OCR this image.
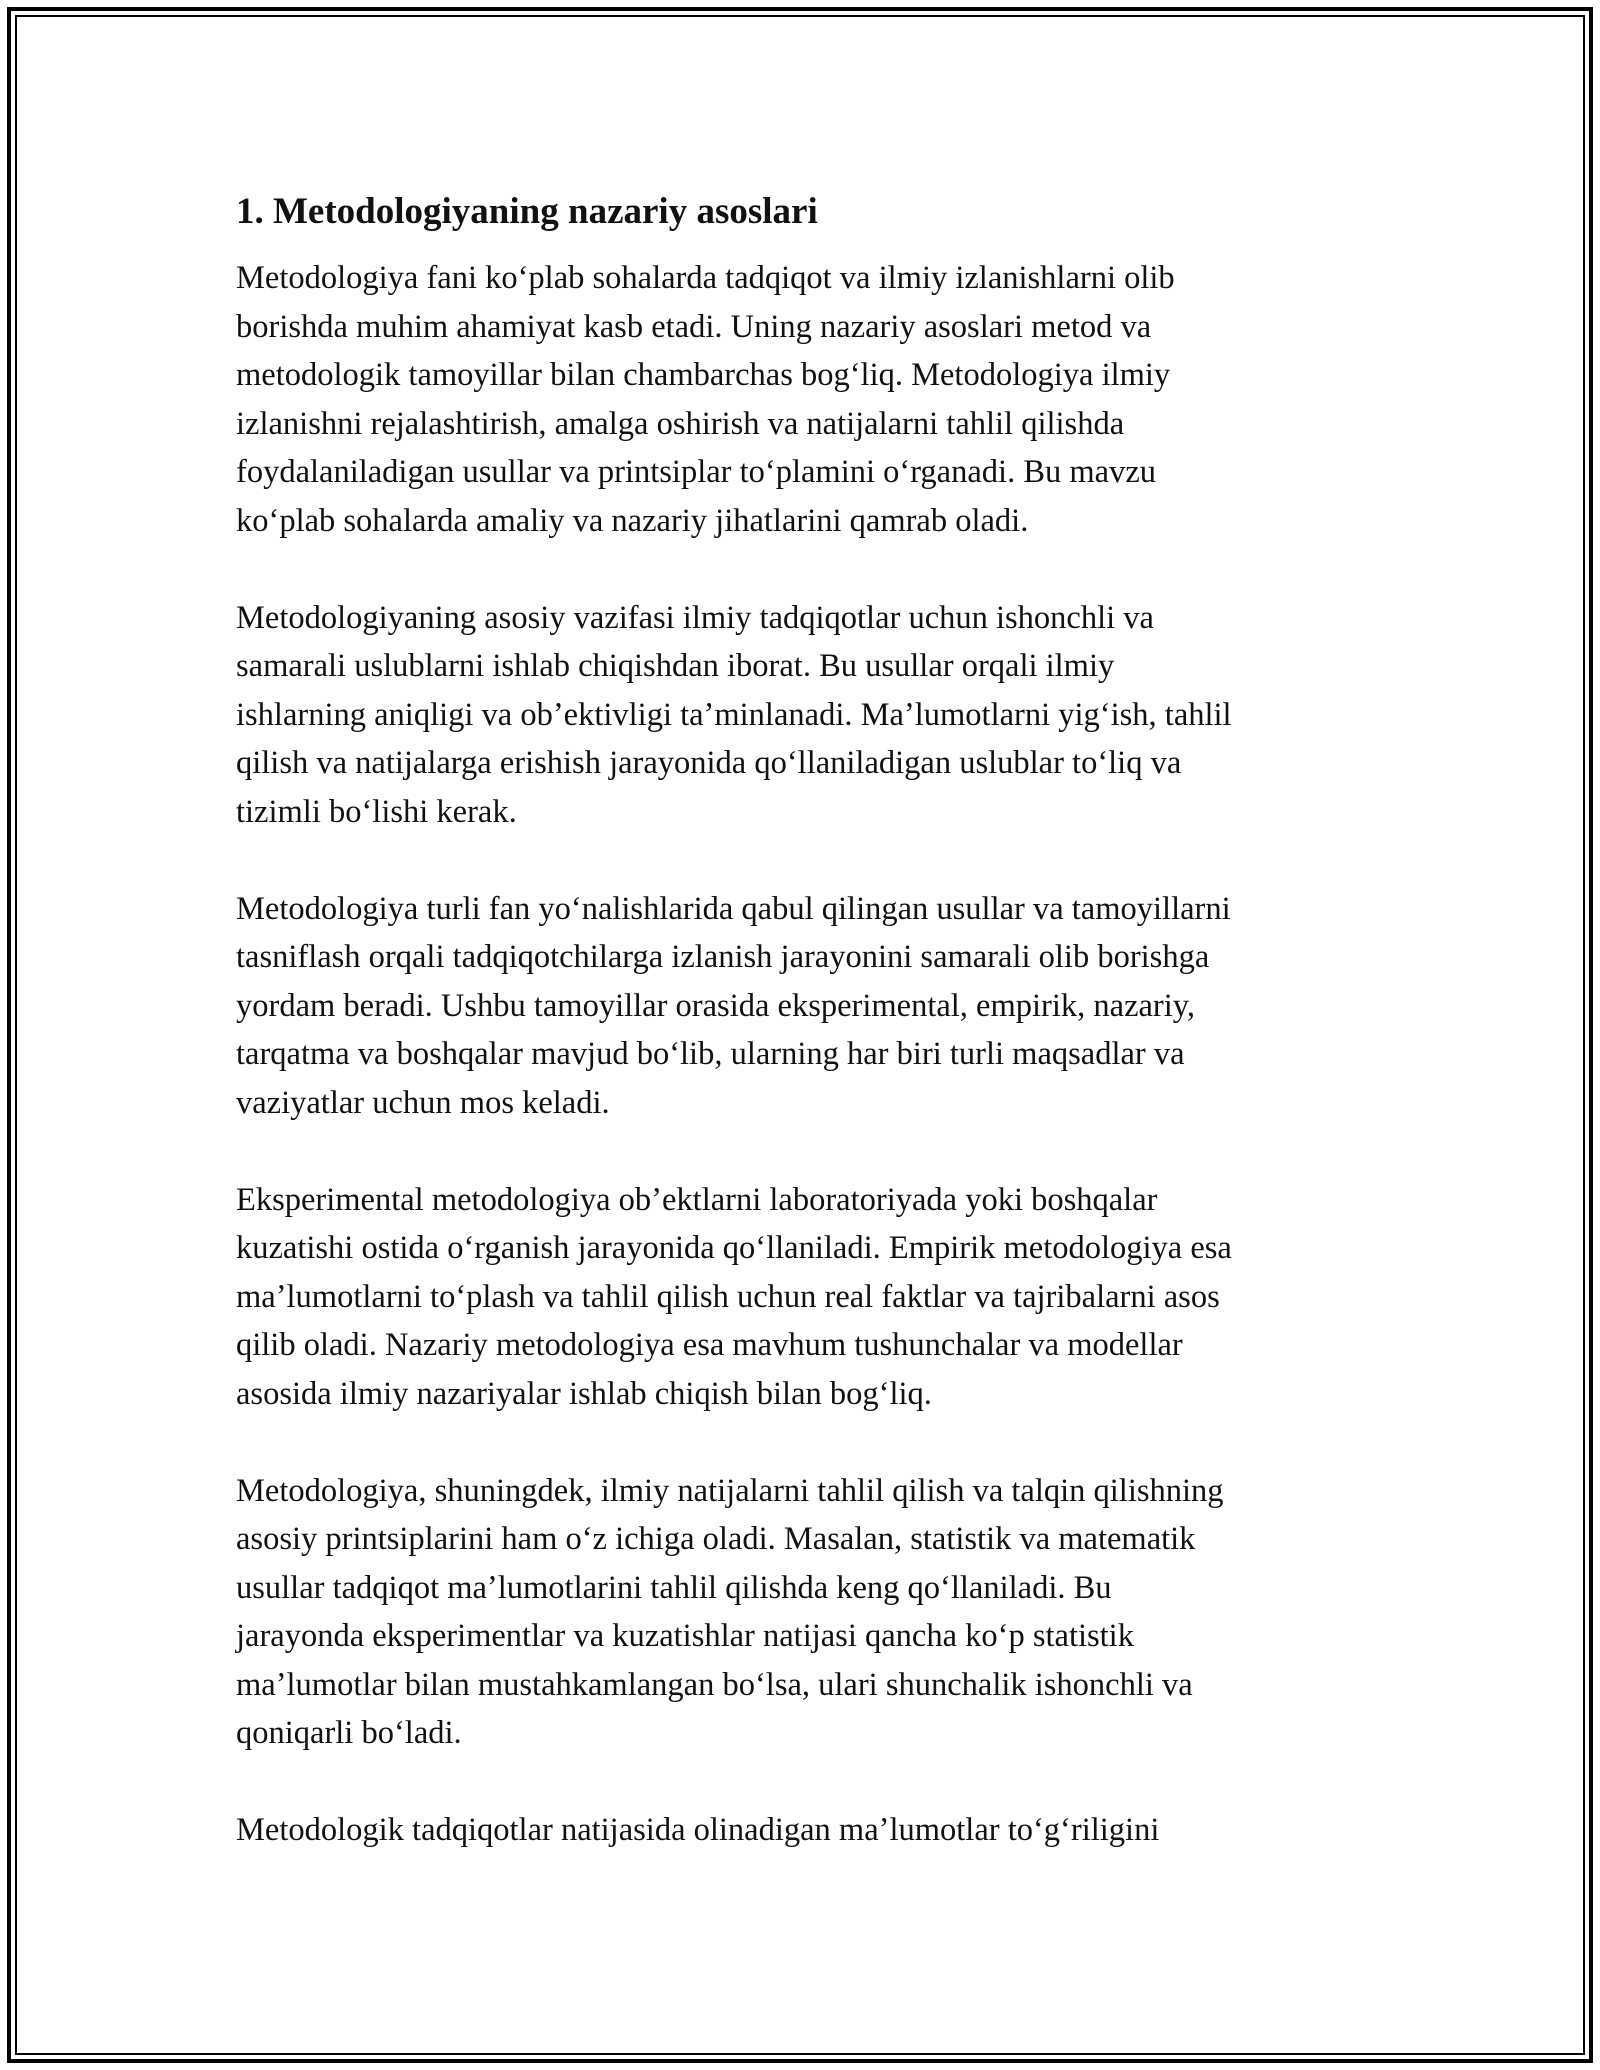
1. Metodologiyaning nazariy asoslari

Metodologiya fani koʻplab sohalarda tadqiqot va ilmiy izlanishlarni olib
borishda muhim ahamiyat kasb etadi. Uning nazariy asoslari metod va
metodologik tamoyillar bilan chambarchas bogʻliq. Metodologiya ilmiy
izlanishni rejalashtirish, amalga oshirish va natijalarni tahlil qilishda
foydalaniladigan usullar va printsiplar toʻplamini oʻrganadi. Bu mavzu
koʻplab sohalarda amaliy va nazariy jihatlarini qamrab oladi.

Metodologiyaning asosiy vazifasi ilmiy tadqiqotlar uchun ishonchli va
samarali uslublarni ishlab chiqishdan iborat. Bu usullar orqali ilmiy
ishlarning aniqligi va obʼektivligi taʼminlanadi. Maʼlumotlarni yigʻish, tahlil
qilish va natijalarga erishish jarayonida qoʻllaniladigan uslublar toʻliq va
tizimli boʻlishi kerak.

Metodologiya turli fan yoʻnalishlarida qabul qilingan usullar va tamoyillarni
tasniflash orqali tadqiqotchilarga izlanish jarayonini samarali olib borishga
yordam beradi. Ushbu tamoyillar orasida eksperimental, empirik, nazariy,
tarqatma va boshqalar mavjud boʻlib, ularning har biri turli maqsadlar va
vaziyatlar uchun mos keladi.

Eksperimental metodologiya obʼektlarni laboratoriyada yoki boshqalar
kuzatishi ostida oʻrganish jarayonida qoʻllaniladi. Empirik metodologiya esa
maʼlumotlarni toʻplash va tahlil qilish uchun real faktlar va tajribalarni asos
qilib oladi. Nazariy metodologiya esa mavhum tushunchalar va modellar
asosida ilmiy nazariyalar ishlab chiqish bilan bogʻliq.

Metodologiya, shuningdek, ilmiy natijalarni tahlil qilish va talqin qilishning
asosiy printsiplarini ham oʻz ichiga oladi. Masalan, statistik va matematik
usullar tadqiqot maʼlumotlarini tahlil qilishda keng qoʻllaniladi. Bu
jarayonda eksperimentlar va kuzatishlar natijasi qancha koʻp statistik
maʼlumotlar bilan mustahkamlangan boʻlsa, ulari shunchalik ishonchli va
qoniqarli boʻladi.

Metodologik tadqiqotlar natijasida olinadigan maʼlumotlar toʻgʻriligini
